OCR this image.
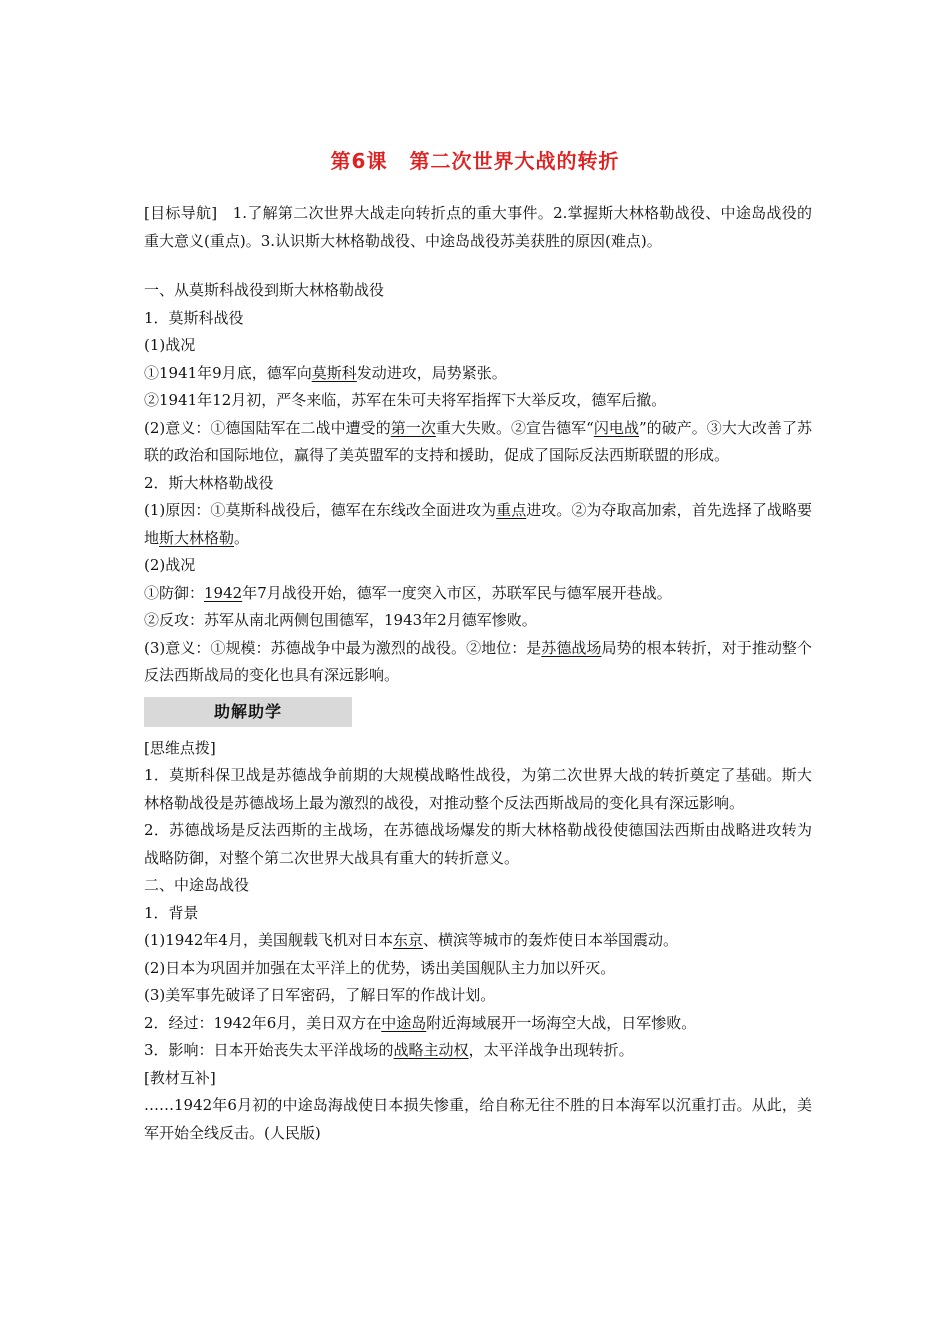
第6课 第二次世界大战的转折

[目标导航]　1.了解第二次世界大战走向转折点的重大事件。2.掌握斯大林格勒战役、中途岛战役的重大意义(重点)。3.认识斯大林格勒战役、中途岛战役苏美获胜的原因(难点)。

一、从莫斯科战役到斯大林格勒战役

1．莫斯科战役

(1)战况

①1941年9月底，德军向莫斯科发动进攻，局势紧张。

②1941年12月初，严冬来临，苏军在朱可夫将军指挥下大举反攻，德军后撤。

(2)意义：①德国陆军在二战中遭受的第一次重大失败。②宣告德军“闪电战”的破产。③大大改善了苏联的政治和国际地位，赢得了美英盟军的支持和援助，促成了国际反法西斯联盟的形成。

2．斯大林格勒战役

(1)原因：①莫斯科战役后，德军在东线改全面进攻为重点进攻。②为夺取高加索，首先选择了战略要地斯大林格勒。

(2)战况

①防御：1942年7月战役开始，德军一度突入市区，苏联军民与德军展开巷战。

②反攻：苏军从南北两侧包围德军，1943年2月德军惨败。

(3)意义：①规模：苏德战争中最为激烈的战役。②地位：是苏德战场局势的根本转折，对于推动整个反法西斯战局的变化也具有深远影响。

助解助学

[思维点拨]

1．莫斯科保卫战是苏德战争前期的大规模战略性战役，为第二次世界大战的转折奠定了基础。斯大林格勒战役是苏德战场上最为激烈的战役，对推动整个反法西斯战局的变化具有深远影响。

2．苏德战场是反法西斯的主战场，在苏德战场爆发的斯大林格勒战役使德国法西斯由战略进攻转为战略防御，对整个第二次世界大战具有重大的转折意义。

二、中途岛战役

1．背景

(1)1942年4月，美国舰载飞机对日本东京、横滨等城市的轰炸使日本举国震动。

(2)日本为巩固并加强在太平洋上的优势，诱出美国舰队主力加以歼灭。

(3)美军事先破译了日军密码，了解日军的作战计划。

2．经过：1942年6月，美日双方在中途岛附近海域展开一场海空大战，日军惨败。

3．影响：日本开始丧失太平洋战场的战略主动权，太平洋战争出现转折。

[教材互补]

……1942年6月初的中途岛海战使日本损失惨重，给自称无往不胜的日本海军以沉重打击。从此，美军开始全线反击。(人民版)
